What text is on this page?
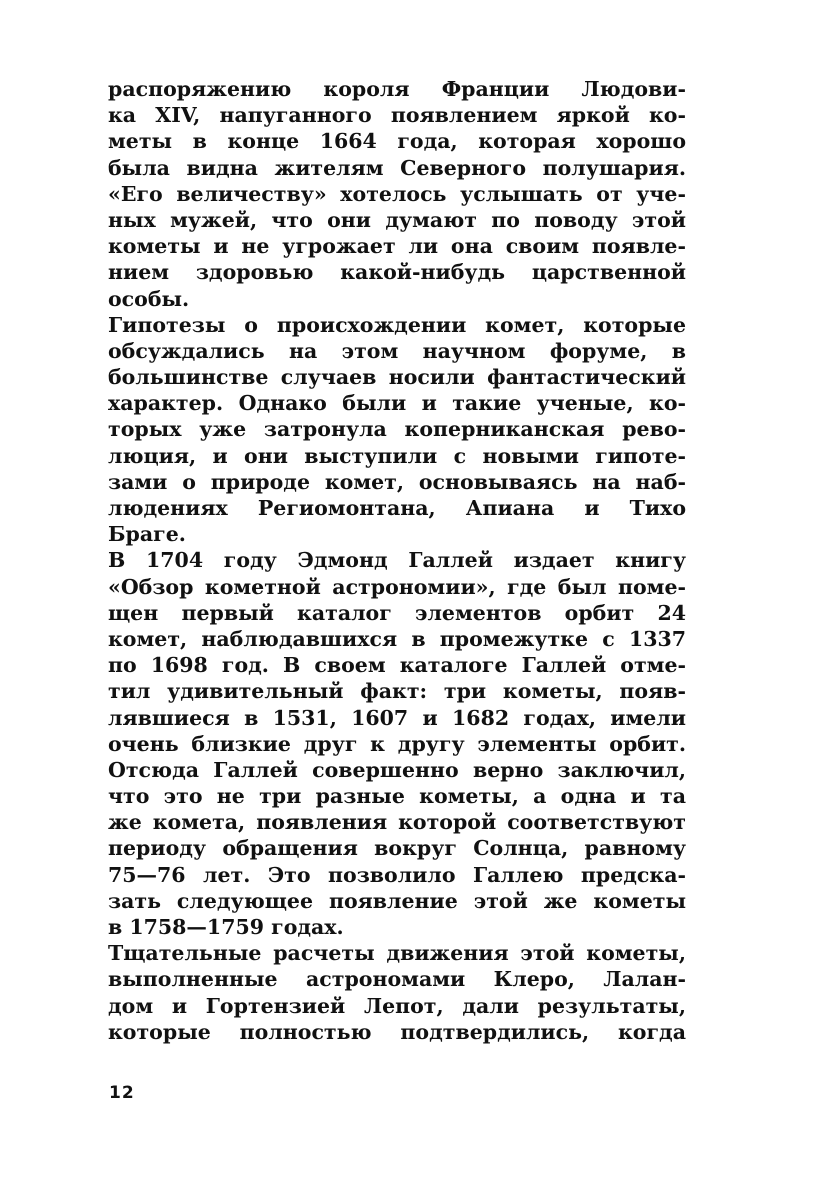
распоряжению короля Франции Людови-
ка XIV, напуганного появлением яркой ко-
меты в конце 1664 года, которая хорошо
была видна жителям Северного полушария.
«Его величеству» хотелось услышать от уче-
ных мужей, что они думают по поводу этой
кометы и не угрожает ли она своим появле-
нием здоровью какой-нибудь царственной
особы.
Гипотезы о происхождении комет, которые
обсуждались на этом научном форуме, в
большинстве случаев носили фантастический
характер. Однако были и такие ученые, ко-
торых уже затронула коперниканская рево-
люция, и они выступили с новыми гипоте-
зами о природе комет, основываясь на наб-
людениях Региомонтана, Апиана и Тихо
Браге.
В 1704 году Эдмонд Галлей издает книгу
«Обзор кометной астрономии», где был поме-
щен первый каталог элементов орбит 24
комет, наблюдавшихся в промежутке с 1337
по 1698 год. В своем каталоге Галлей отме-
тил удивительный факт: три кометы, появ-
лявшиеся в 1531, 1607 и 1682 годах, имели
очень близкие друг к другу элементы орбит.
Отсюда Галлей совершенно верно заключил,
что это не три разные кометы, а одна и та
же комета, появления которой соответствуют
периоду обращения вокруг Солнца, равному
75—76 лет. Это позволило Галлею предска-
зать следующее появление этой же кометы
в 1758—1759 годах.
Тщательные расчеты движения этой кометы,
выполненные астрономами Клеро, Лалан-
дом и Гортензией Лепот, дали результаты,
которые полностью подтвердились, когда
12
